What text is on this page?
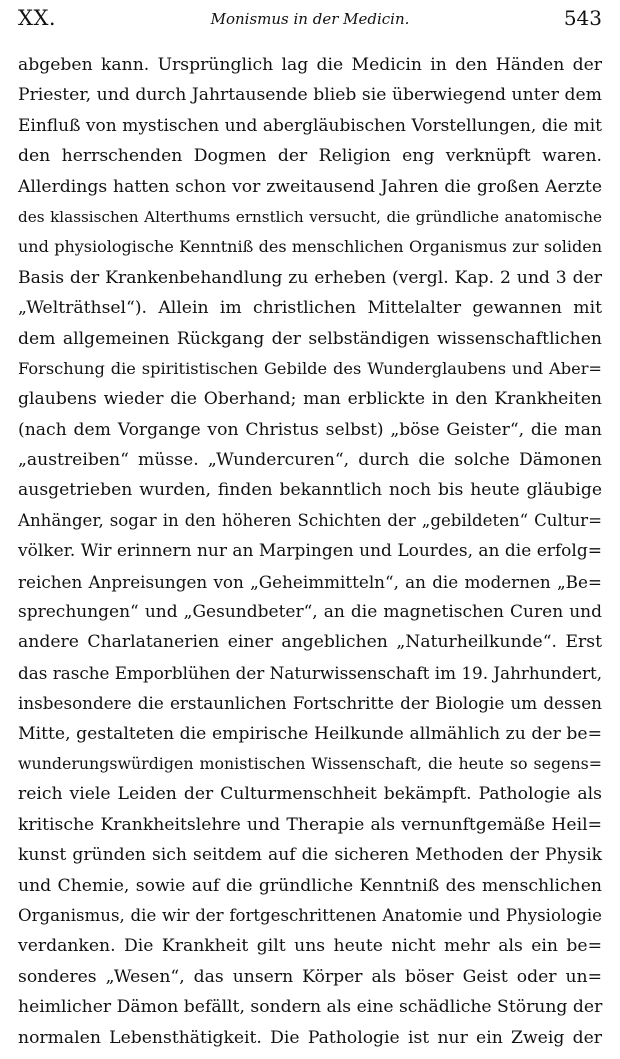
XX.	Monismus in der Medicin.	543
abgeben kann. Ursprünglich lag die Medicin in den Händen der
Priester, und durch Jahrtausende blieb sie überwiegend unter dem
Einfluß von mystischen und abergläubischen Vorstellungen, die mit
den herrschenden Dogmen der Religion eng verknüpft waren.
Allerdings hatten schon vor zweitausend Jahren die großen Aerzte
des klassischen Alterthums ernstlich versucht, die gründliche anatomische
und physiologische Kenntniß des menschlichen Organismus zur soliden
Basis der Krankenbehandlung zu erheben (vergl. Kap. 2 und 3 der
„Welträthsel“). Allein im christlichen Mittelalter gewannen mit
dem allgemeinen Rückgang der selbständigen wissenschaftlichen
Forschung die spiritistischen Gebilde des Wunderglaubens und Aber=
glaubens wieder die Oberhand; man erblickte in den Krankheiten
(nach dem Vorgange von Christus selbst) „böse Geister“, die man
„austreiben“ müsse. „Wundercuren“, durch die solche Dämonen
ausgetrieben wurden, finden bekanntlich noch bis heute gläubige
Anhänger, sogar in den höheren Schichten der „gebildeten“ Cultur=
völker. Wir erinnern nur an Marpingen und Lourdes, an die erfolg=
reichen Anpreisungen von „Geheimmitteln“, an die modernen „Be=
sprechungen“ und „Gesundbeter“, an die magnetischen Curen und
andere Charlatanerien einer angeblichen „Naturheilkunde“. Erst
das rasche Emporblühen der Naturwissenschaft im 19. Jahrhundert,
insbesondere die erstaunlichen Fortschritte der Biologie um dessen
Mitte, gestalteten die empirische Heilkunde allmählich zu der be=
wunderungswürdigen monistischen Wissenschaft, die heute so segens=
reich viele Leiden der Culturmenschheit bekämpft. Pathologie als
kritische Krankheitslehre und Therapie als vernunftgemäße Heil=
kunst gründen sich seitdem auf die sicheren Methoden der Physik
und Chemie, sowie auf die gründliche Kenntniß des menschlichen
Organismus, die wir der fortgeschrittenen Anatomie und Physiologie
verdanken. Die Krankheit gilt uns heute nicht mehr als ein be=
sonderes „Wesen“, das unsern Körper als böser Geist oder un=
heimlicher Dämon befällt, sondern als eine schädliche Störung der
normalen Lebensthätigkeit. Die Pathologie ist nur ein Zweig der
